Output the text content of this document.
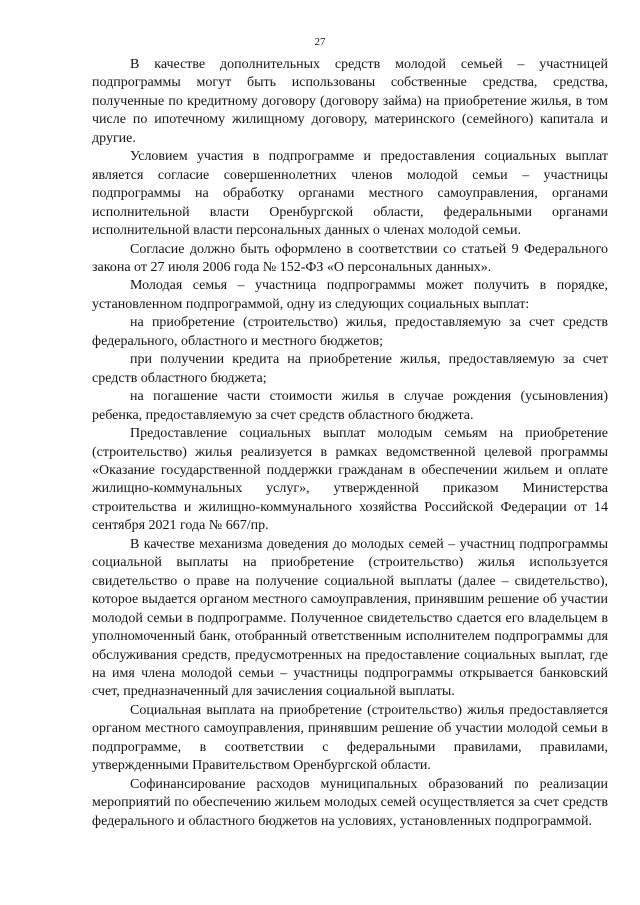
27

В качестве дополнительных средств молодой семьей – участницей подпрограммы могут быть использованы собственные средства, средства, полученные по кредитному договору (договору займа) на приобретение жилья, в том числе по ипотечному жилищному договору, материнского (семейного) капитала и другие.

Условием участия в подпрограмме и предоставления социальных выплат является согласие совершеннолетних членов молодой семьи – участницы подпрограммы на обработку органами местного самоуправления, органами исполнительной власти Оренбургской области, федеральными органами исполнительной власти персональных данных о членах молодой семьи.

Согласие должно быть оформлено в соответствии со статьей 9 Федерального закона от 27 июля 2006 года № 152-ФЗ «О персональных данных».

Молодая семья – участница подпрограммы может получить в порядке, установленном подпрограммой, одну из следующих социальных выплат:

на приобретение (строительство) жилья, предоставляемую за счет средств федерального, областного и местного бюджетов;

при получении кредита на приобретение жилья, предоставляемую за счет средств областного бюджета;

на погашение части стоимости жилья в случае рождения (усыновления) ребенка, предоставляемую за счет средств областного бюджета.

Предоставление социальных выплат молодым семьям на приобретение (строительство) жилья реализуется в рамках ведомственной целевой программы «Оказание государственной поддержки гражданам в обеспечении жильем и оплате жилищно-коммунальных услуг», утвержденной приказом Министерства строительства и жилищно-коммунального хозяйства Российской Федерации от 14 сентября 2021 года № 667/пр.

В качестве механизма доведения до молодых семей – участниц подпрограммы социальной выплаты на приобретение (строительство) жилья используется свидетельство о праве на получение социальной выплаты (далее – свидетельство), которое выдается органом местного самоуправления, принявшим решение об участии молодой семьи в подпрограмме. Полученное свидетельство сдается его владельцем в уполномоченный банк, отобранный ответственным исполнителем подпрограммы для обслуживания средств, предусмотренных на предоставление социальных выплат, где на имя члена молодой семьи – участницы подпрограммы открывается банковский счет, предназначенный для зачисления социальной выплаты.

Социальная выплата на приобретение (строительство) жилья предоставляется органом местного самоуправления, принявшим решение об участии молодой семьи в подпрограмме, в соответствии с федеральными правилами, правилами, утвержденными Правительством Оренбургской области.

Софинансирование расходов муниципальных образований по реализации мероприятий по обеспечению жильем молодых семей осуществляется за счет средств федерального и областного бюджетов на условиях, установленных подпрограммой.
